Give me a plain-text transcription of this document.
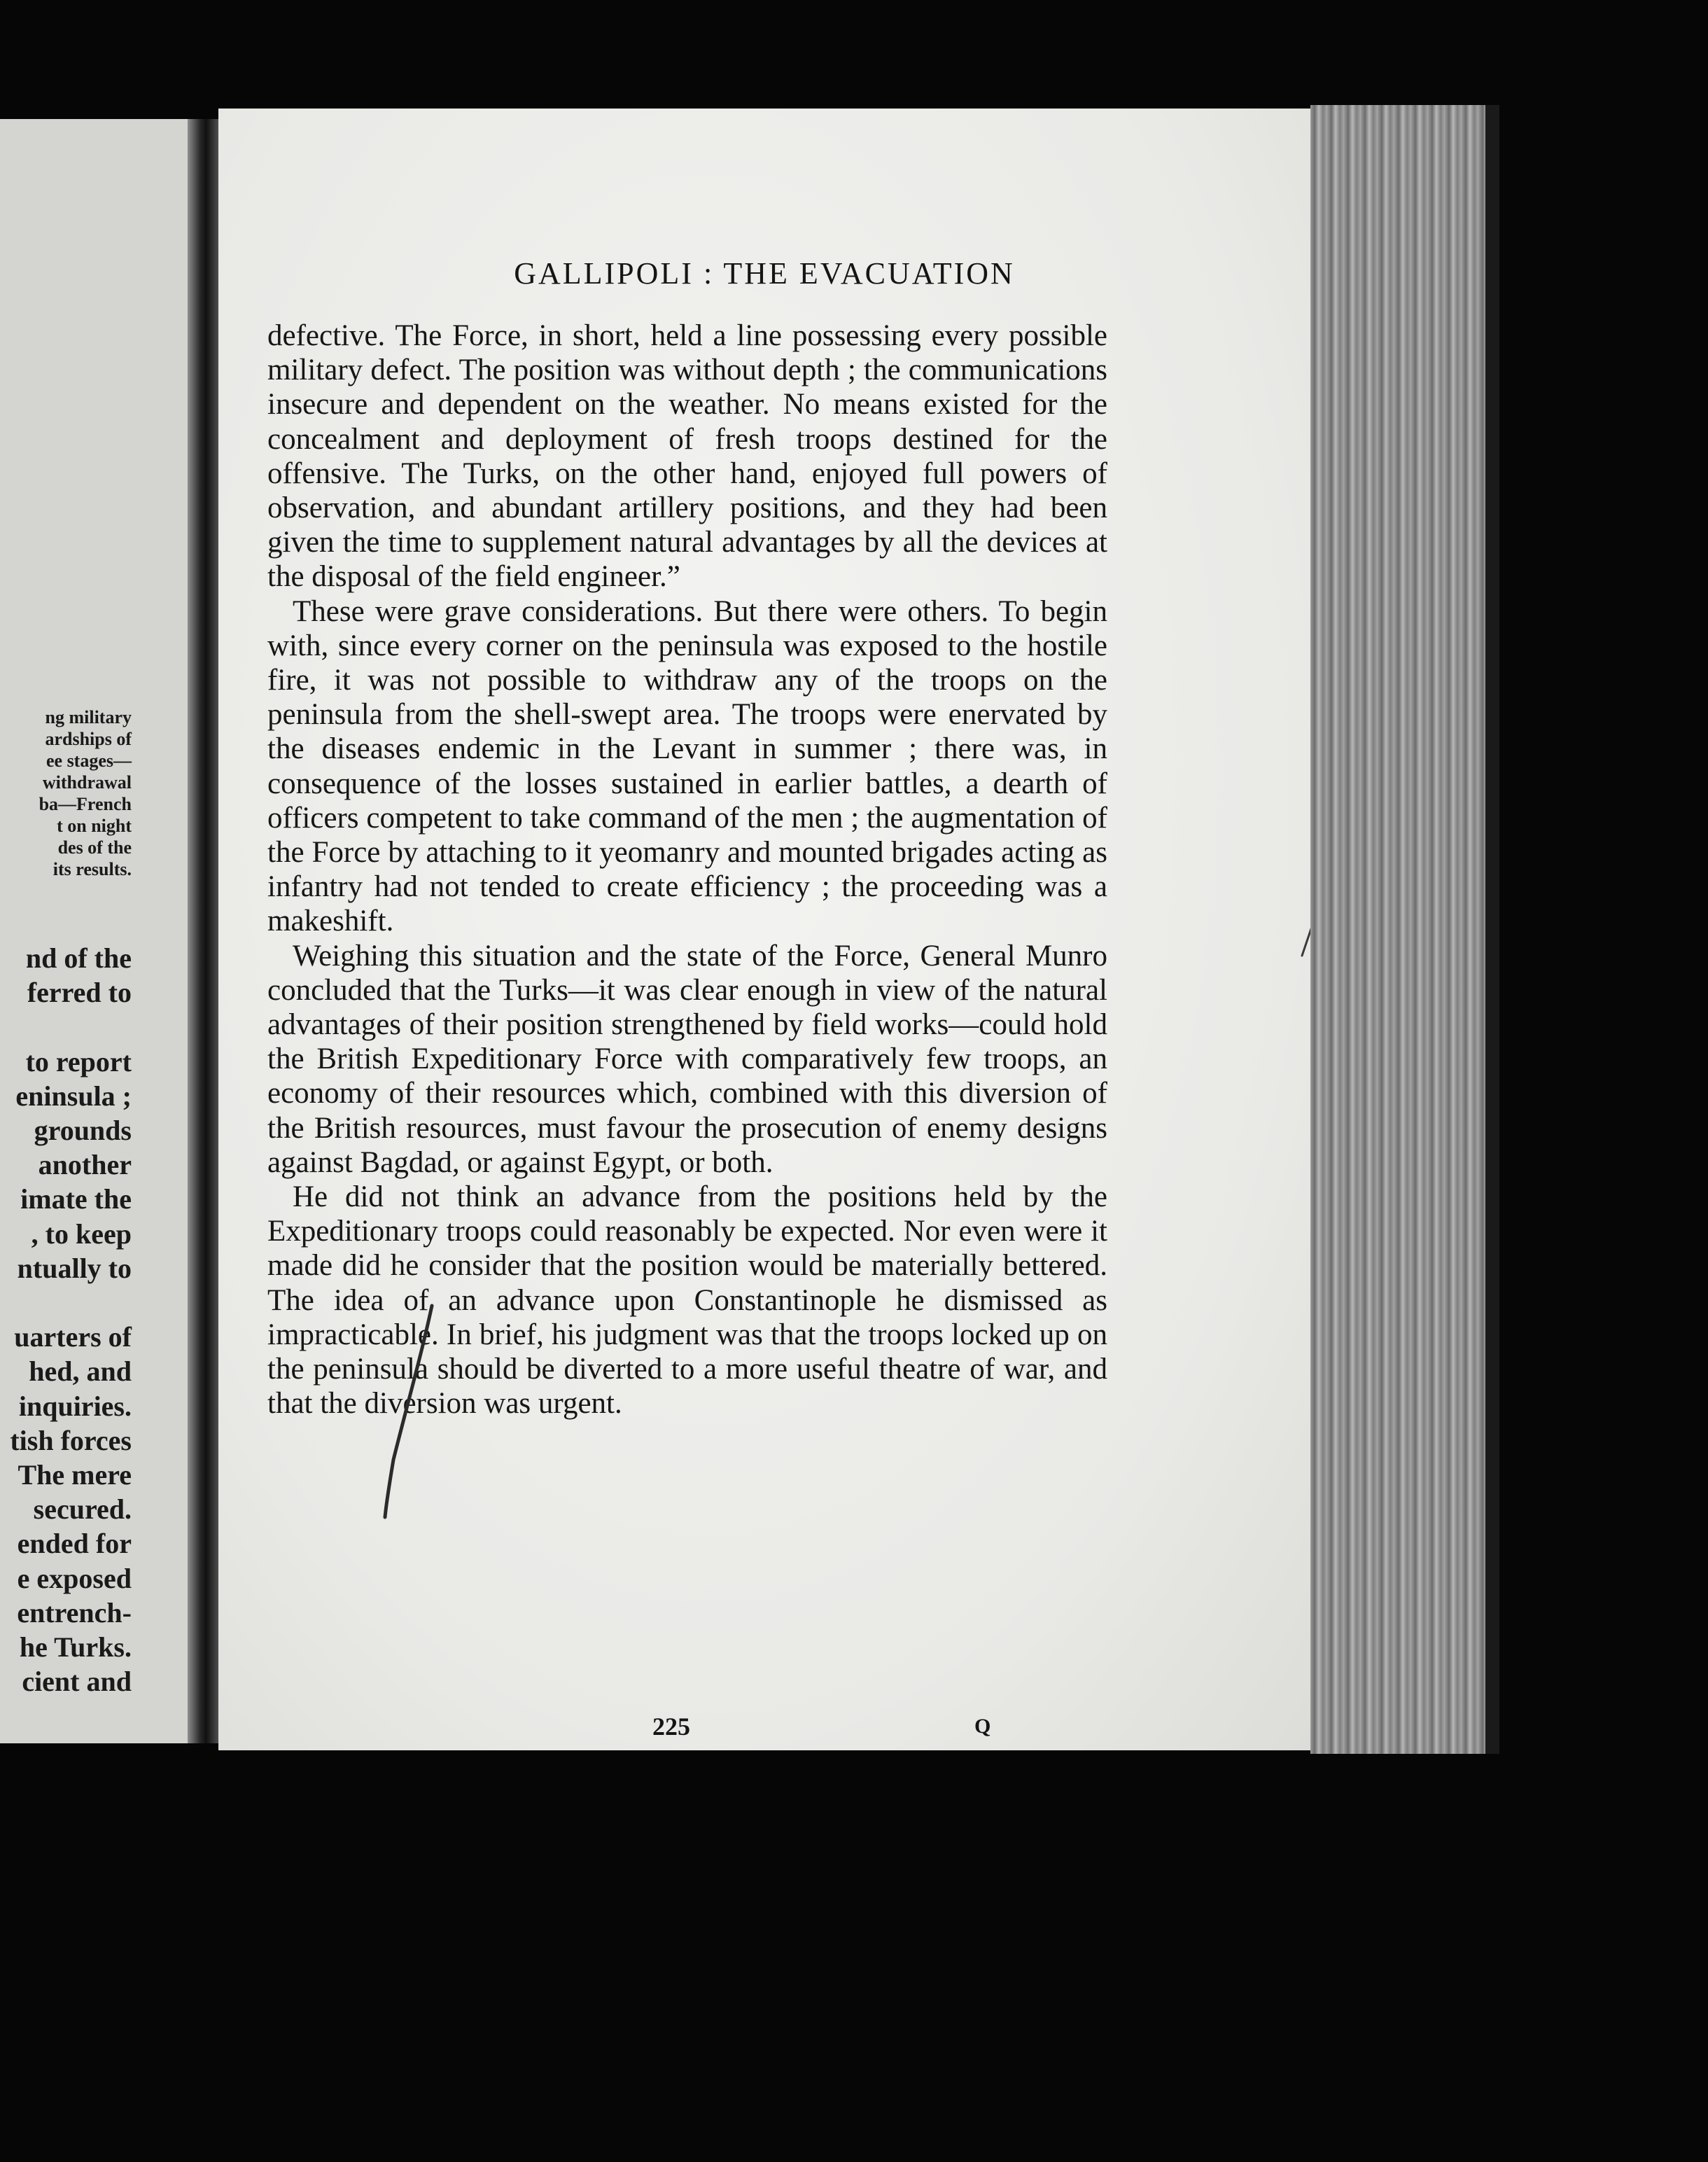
ng military
ardships of
ee stages—
withdrawal
ba—French
t on night
des of the
its results.
nd of the
ferred to
to report
eninsula ;
grounds
another
imate the
, to keep
ntually to
uarters of
hed, and
inquiries.
tish forces
The mere
secured.
ended for
e exposed
entrench-
he Turks.
cient and
GALLIPOLI : THE EVACUATION

defective. The Force, in short, held a line possessing every possible military defect. The position was without depth ; the communications insecure and dependent on the weather. No means existed for the concealment and deployment of fresh troops destined for the offensive. The Turks, on the other hand, enjoyed full powers of observation, and abundant artillery positions, and they had been given the time to supplement natural advantages by all the devices at the disposal of the field engineer.”

These were grave considerations. But there were others. To begin with, since every corner on the peninsula was exposed to the hostile fire, it was not possible to withdraw any of the troops on the peninsula from the shell-swept area. The troops were enervated by the diseases endemic in the Levant in summer ; there was, in consequence of the losses sustained in earlier battles, a dearth of officers competent to take command of the men ; the augmentation of the Force by attaching to it yeomanry and mounted brigades acting as infantry had not tended to create efficiency ; the proceeding was a makeshift.

Weighing this situation and the state of the Force, General Munro concluded that the Turks—it was clear enough in view of the natural advantages of their position strengthened by field works—could hold the British Expeditionary Force with comparatively few troops, an economy of their resources which, combined with this diversion of the British resources, must favour the prosecution of enemy designs against Bagdad, or against Egypt, or both.

He did not think an advance from the positions held by the Expeditionary troops could reasonably be expected. Nor even were it made did he consider that the position would be materially bettered. The idea of an advance upon Constantinople he dismissed as impracticable. In brief, his judgment was that the troops locked up on the peninsula should be diverted to a more useful theatre of war, and that the diversion was urgent.

225	Q
